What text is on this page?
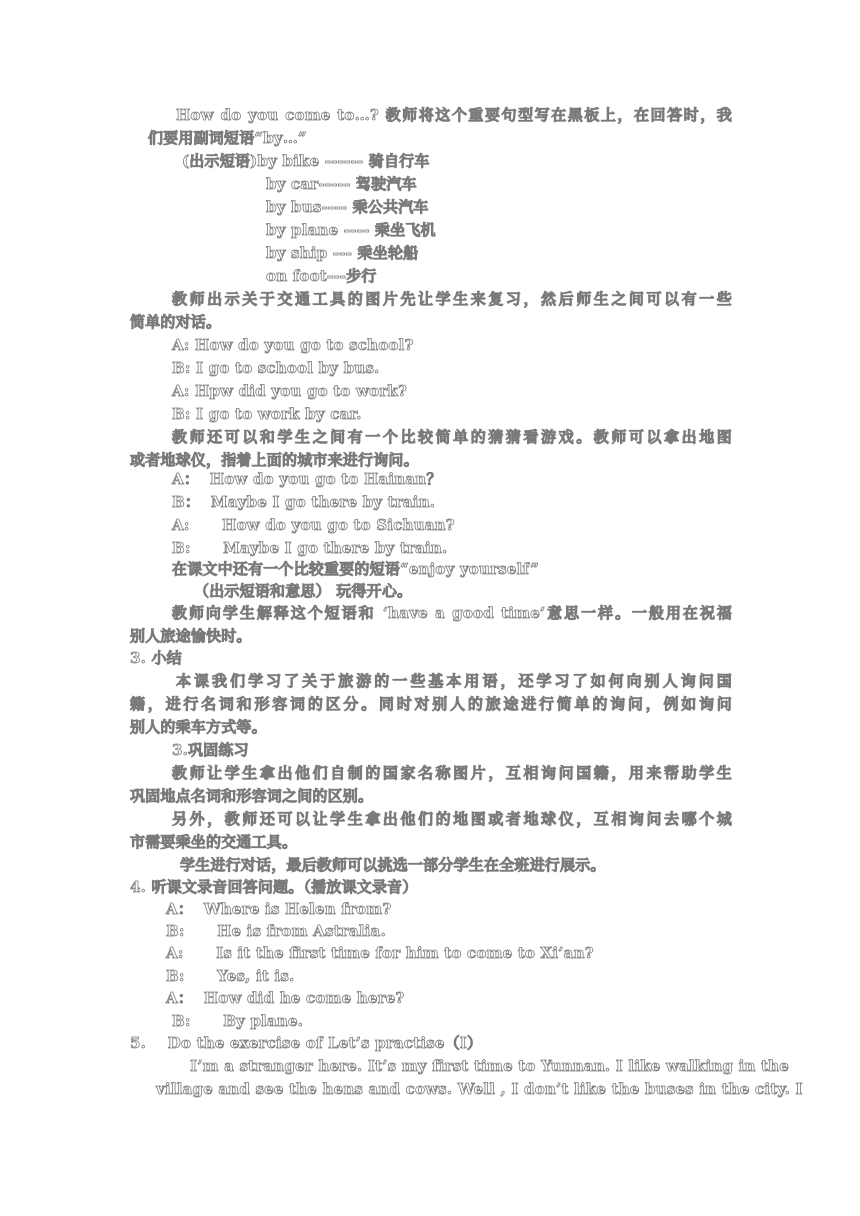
How do you come to…? 教师将这个重要句型写在黑板上，在回答时，我
们要用副词短语“by…”
(出示短语)by bike ------ 骑自行车
by car----- 驾驶汽车
by bus---- 乘公共汽车
by plane ---- 乘坐飞机
by ship --- 乘坐轮船
on foot---步行
教师出示关于交通工具的图片先让学生来复习，然后师生之间可以有一些
简单的对话。
A: How do you go to school?
B: I go to school by bus.
A: Hpw did you go to work?
B: I go to work by car.
教师还可以和学生之间有一个比较简单的猜猜看游戏。教师可以拿出地图
或者地球仪，指着上面的城市来进行询问。
A：  How do you go to Hainan？
B：  Maybe I go there by train.
A:      How do you go to Sichuan?
B:      Maybe I go there by train.
在课文中还有一个比较重要的短语“enjoy yourself”
（出示短语和意思） 玩得开心。
教师向学生解释这个短语和 ‘have a good time’意思一样。一般用在祝福
别人旅途愉快时。
3. 小结
本课我们学习了关于旅游的一些基本用语，还学习了如何向别人询问国
籍，进行名词和形容词的区分。同时对别人的旅途进行简单的询问，例如询问
别人的乘车方式等。
3.巩固练习
教师让学生拿出他们自制的国家名称图片，互相询问国籍，用来帮助学生
巩固地点名词和形容词之间的区别。
另外，教师还可以让学生拿出他们的地图或者地球仪，互相询问去哪个城
市需要乘坐的交通工具。
学生进行对话，最后教师可以挑选一部分学生在全班进行展示。
4. 听课文录音回答问题。（播放课文录音）
A：  Where is Helen from?
B:      He is from Astralia.
A:      Is it the first time for him to come to Xi’an?
B:      Yes, it is.
A：  How did he come here?
B:      By plane.
5.    Do the exercise of Let’s practise（Ⅰ）
I’m a stranger here. It’s my first time to Yunnan. I like walking in the
village and see the hens and cows. Well , I don’t like the buses in the city. I
